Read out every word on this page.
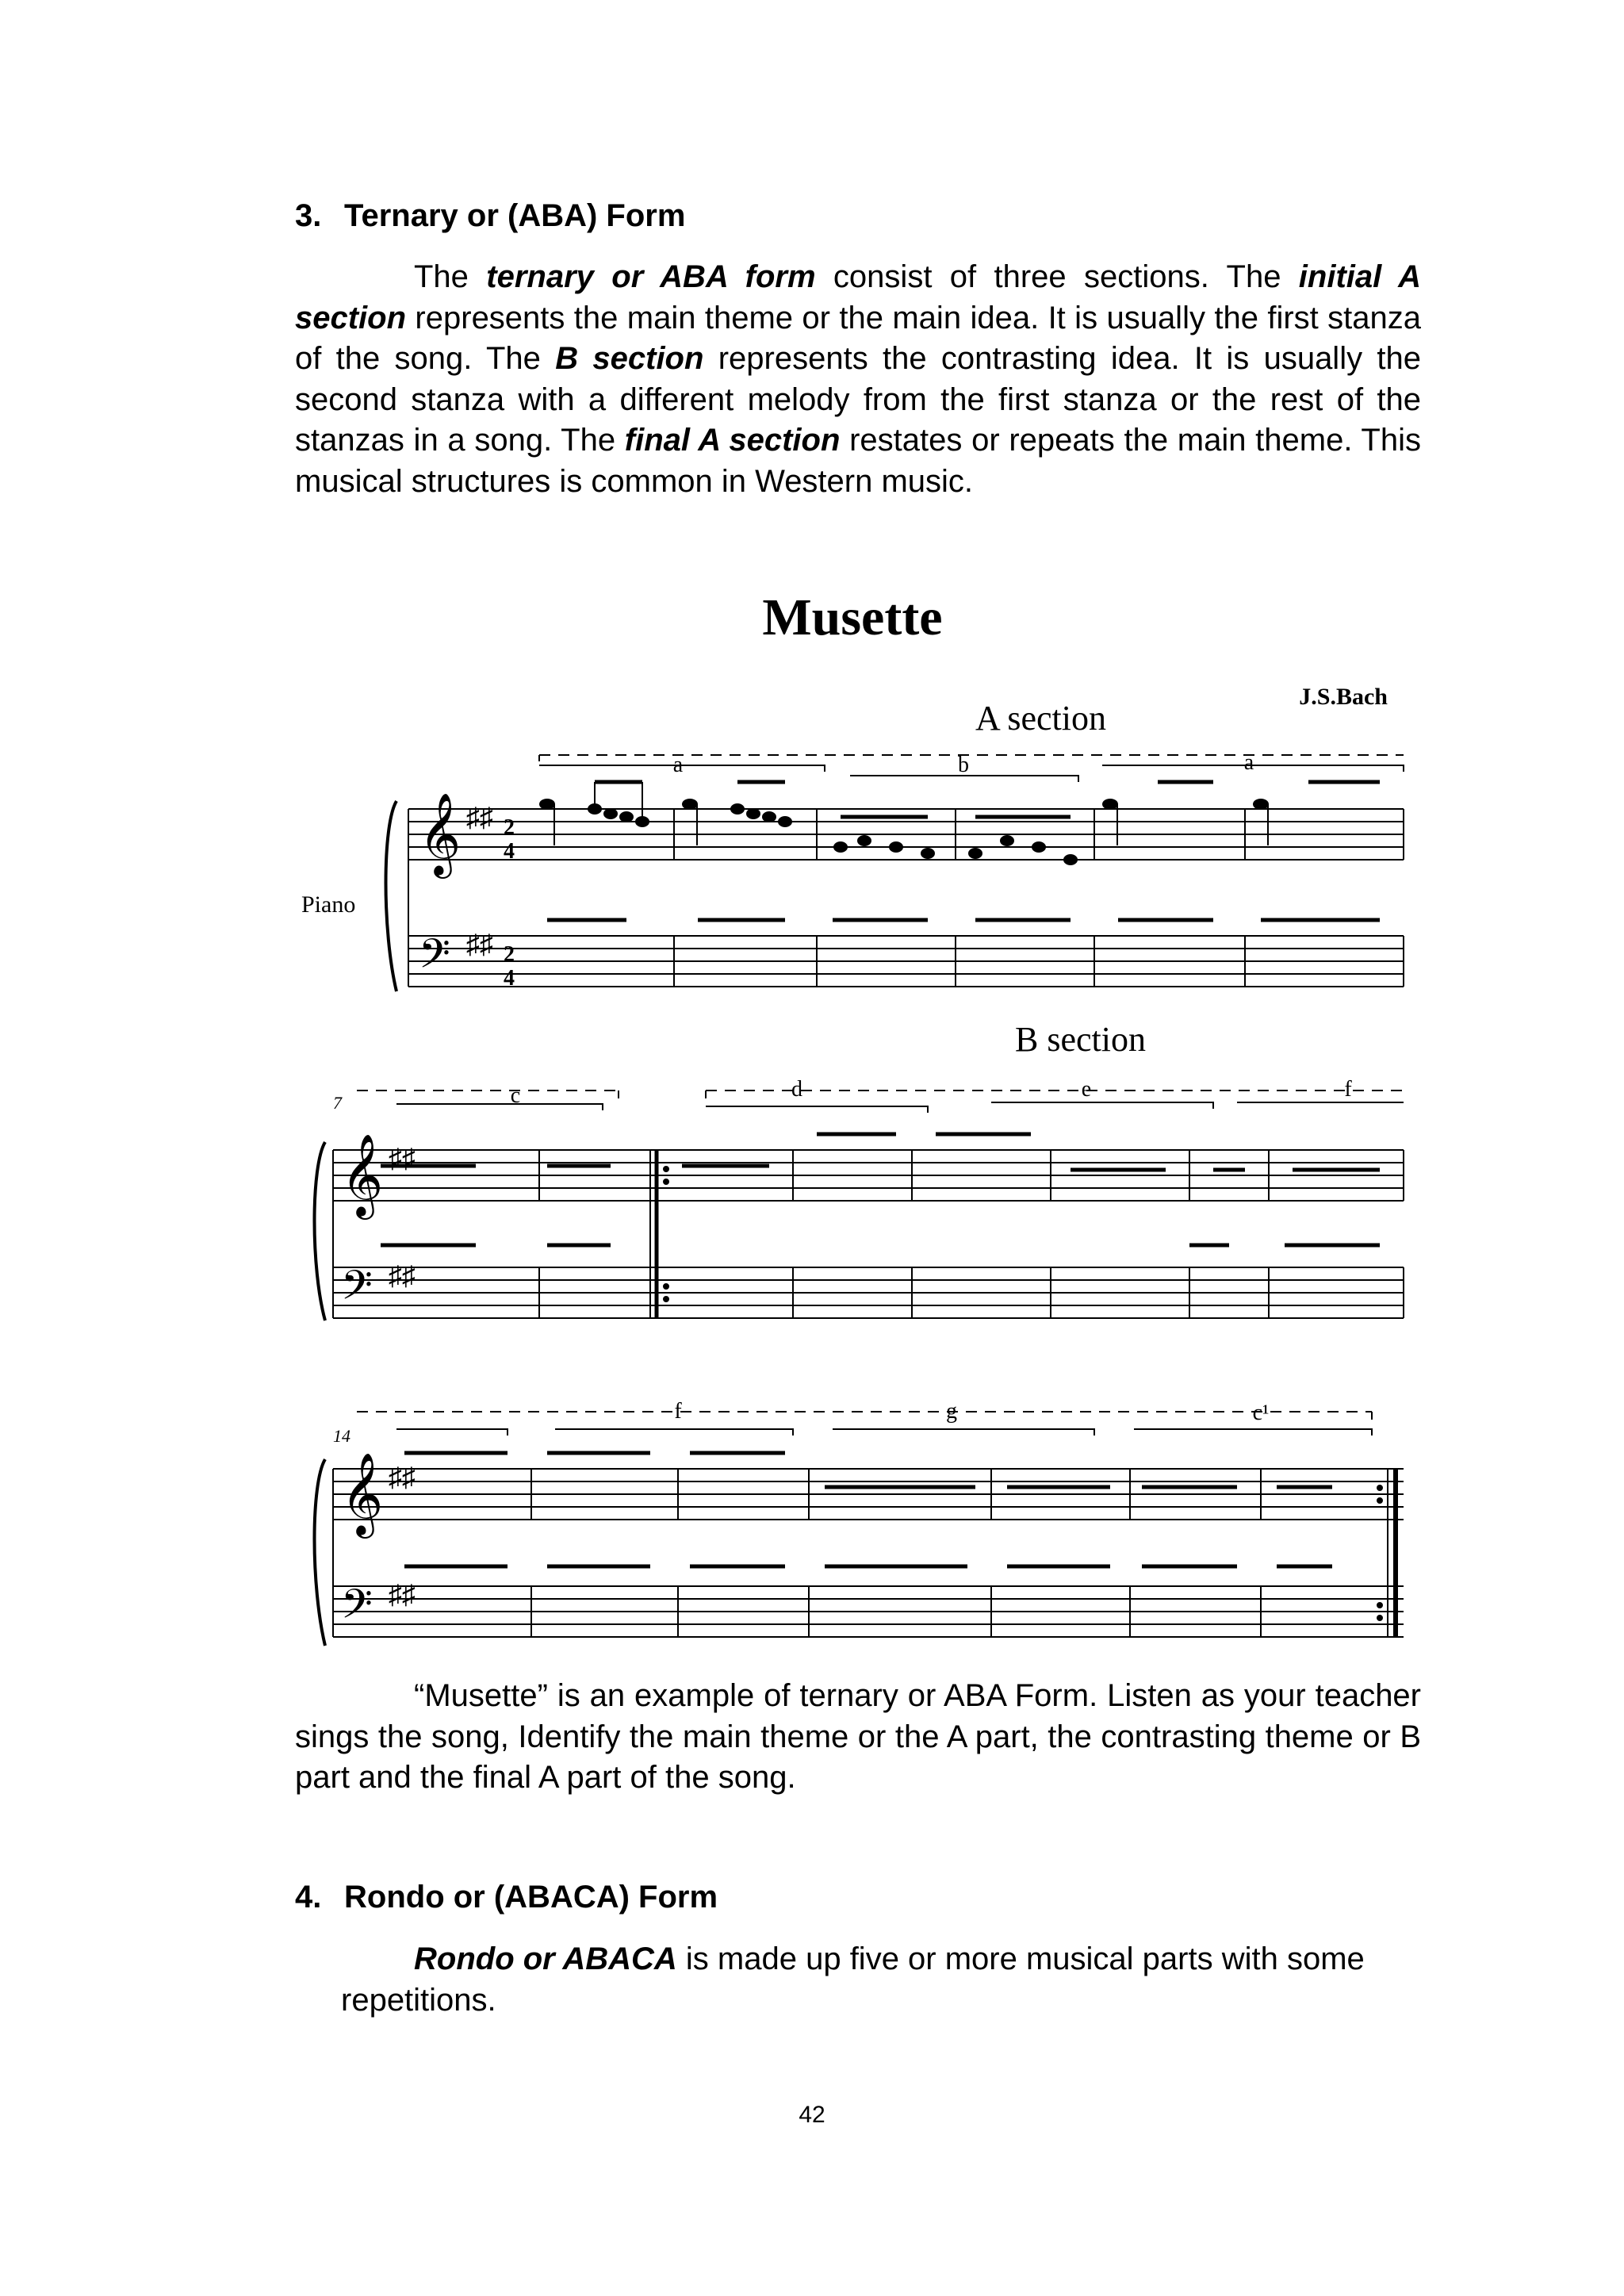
3. Ternary or (ABA) Form

The ternary or ABA form consist of three sections. The initial A section represents the main theme or the main idea. It is usually the first stanza of the song. The B section represents the contrasting idea. It is usually the second stanza with a different melody from the first stanza or the rest of the stanzas in a song. The final A section restates or repeats the main theme. This musical structures is common in Western music.

Musette
J.S.Bach
Piano
A section
B section
a	b	a
𝄞
𝄢
♯♯
♯♯
2
4
2
4
7	c	d	e	f
𝄞
𝄢
♯♯
♯♯
14
f	g	c¹
𝄞
𝄢
♯♯
♯♯

“Musette” is an example of ternary or ABA Form. Listen as your teacher sings the song, Identify the main theme or the A part, the contrasting theme or B part and the final A part of the song.

4. Rondo or (ABACA) Form

Rondo or ABACA is made up five or more musical parts with some repetitions.

42
